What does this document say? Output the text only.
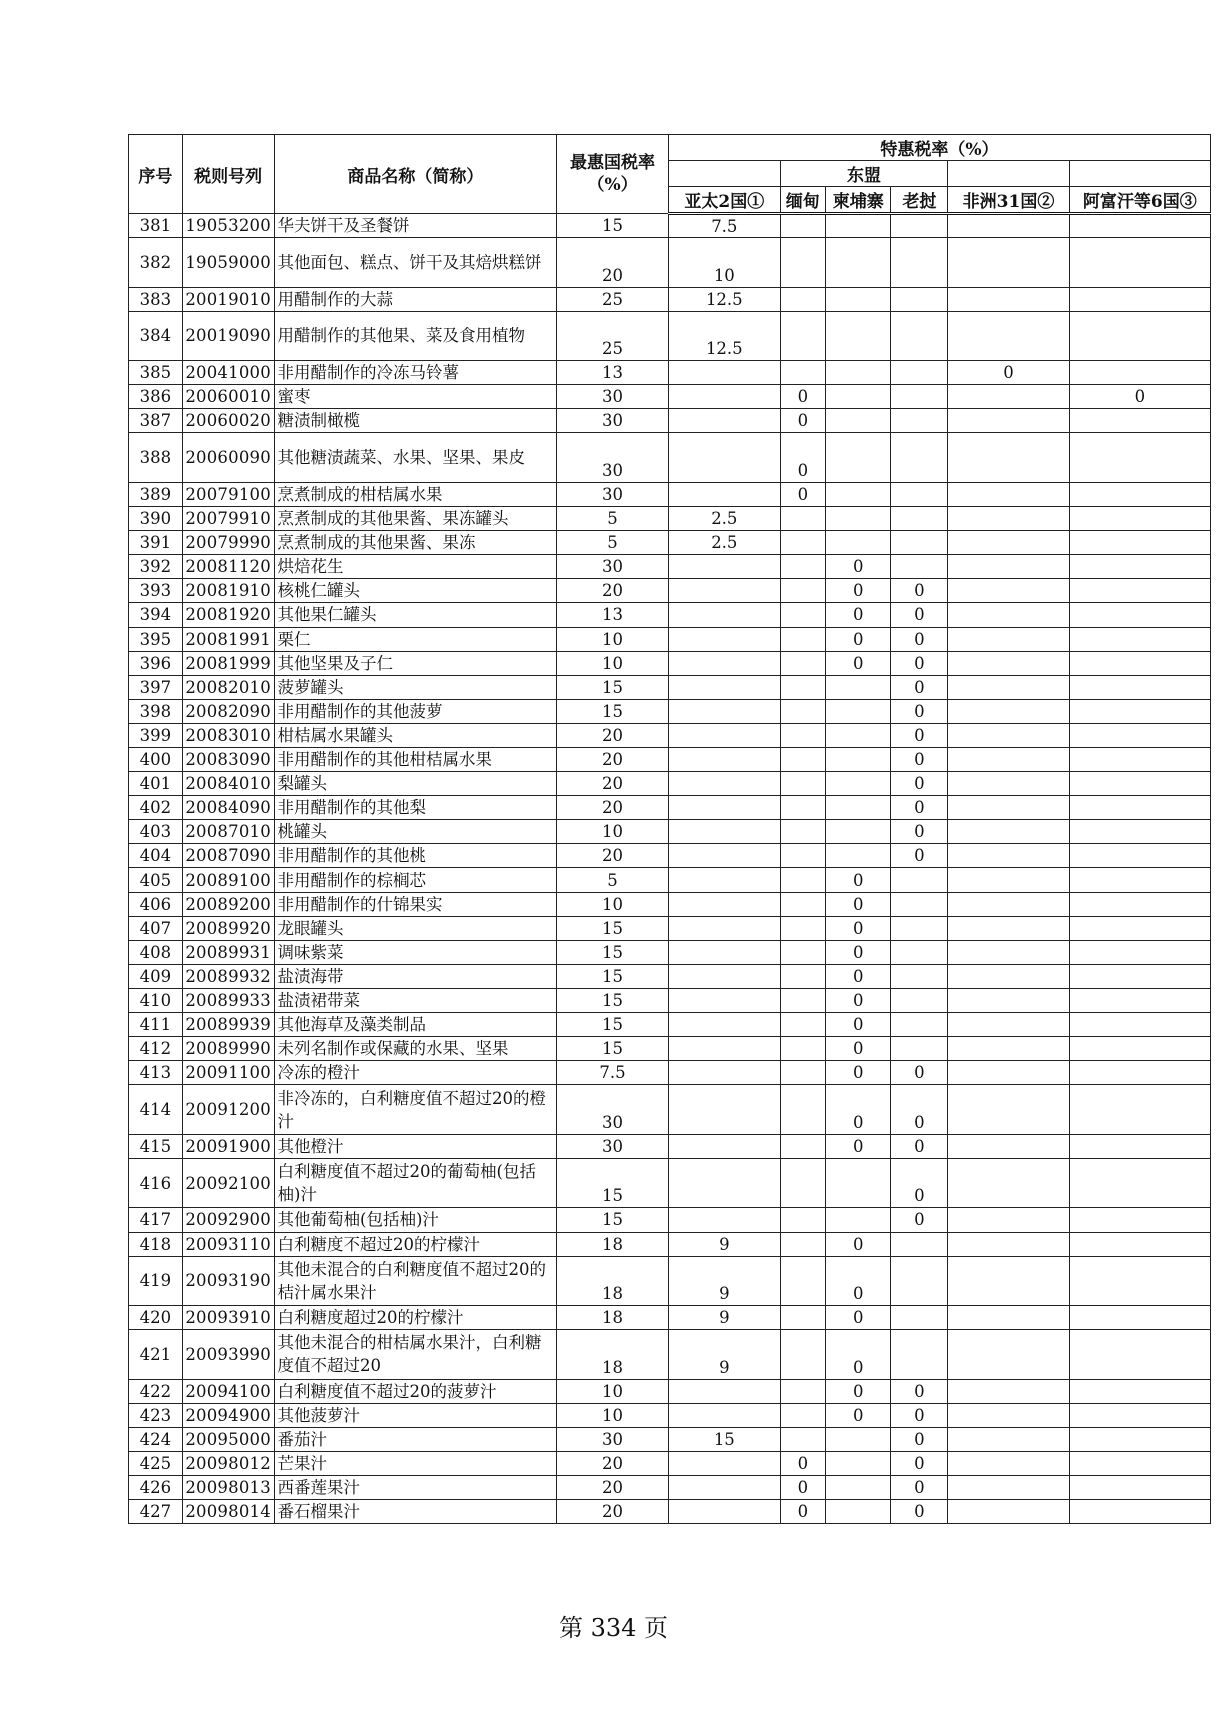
序号	税则号列	商品名称（简称）	最惠国税率（%）	特惠税率（%）					
					东盟				
				亚太2国①	缅甸	柬埔寨	老挝	非洲31国②	阿富汗等6国③
381	19053200	华夫饼干及圣餐饼	15	7.5					
382	19059000	其他面包、糕点、饼干及其焙烘糕饼	20	10					
383	20019010	用醋制作的大蒜	25	12.5					
384	20019090	用醋制作的其他果、菜及食用植物	25	12.5					
385	20041000	非用醋制作的冷冻马铃薯	13					0	
386	20060010	蜜枣	30		0				0
387	20060020	糖渍制橄榄	30		0				
388	20060090	其他糖渍蔬菜、水果、坚果、果皮	30		0				
389	20079100	烹煮制成的柑桔属水果	30		0				
390	20079910	烹煮制成的其他果酱、果冻罐头	5	2.5					
391	20079990	烹煮制成的其他果酱、果冻	5	2.5					
392	20081120	烘焙花生	30			0			
393	20081910	核桃仁罐头	20			0	0		
394	20081920	其他果仁罐头	13			0	0		
395	20081991	栗仁	10			0	0		
396	20081999	其他坚果及子仁	10			0	0		
397	20082010	菠萝罐头	15				0		
398	20082090	非用醋制作的其他菠萝	15				0		
399	20083010	柑桔属水果罐头	20				0		
400	20083090	非用醋制作的其他柑桔属水果	20				0		
401	20084010	梨罐头	20				0		
402	20084090	非用醋制作的其他梨	20				0		
403	20087010	桃罐头	10				0		
404	20087090	非用醋制作的其他桃	20				0		
405	20089100	非用醋制作的棕榈芯	5			0			
406	20089200	非用醋制作的什锦果实	10			0			
407	20089920	龙眼罐头	15			0			
408	20089931	调味紫菜	15			0			
409	20089932	盐渍海带	15			0			
410	20089933	盐渍裙带菜	15			0			
411	20089939	其他海草及藻类制品	15			0			
412	20089990	未列名制作或保藏的水果、坚果	15			0			
413	20091100	冷冻的橙汁	7.5			0	0		
414	20091200	非冷冻的，白利糖度值不超过20的橙汁	30			0	0		
415	20091900	其他橙汁	30			0	0		
416	20092100	白利糖度值不超过20的葡萄柚(包括柚)汁	15				0		
417	20092900	其他葡萄柚(包括柚)汁	15				0		
418	20093110	白利糖度不超过20的柠檬汁	18	9		0			
419	20093190	其他未混合的白利糖度值不超过20的桔汁属水果汁	18	9		0			
420	20093910	白利糖度超过20的柠檬汁	18	9		0			
421	20093990	其他未混合的柑桔属水果汁，白利糖度值不超过20	18	9		0			
422	20094100	白利糖度值不超过20的菠萝汁	10			0	0		
423	20094900	其他菠萝汁	10			0	0		
424	20095000	番茄汁	30	15			0		
425	20098012	芒果汁	20		0		0		
426	20098013	西番莲果汁	20		0		0		
427	20098014	番石榴果汁	20		0		0		
第 334 页
